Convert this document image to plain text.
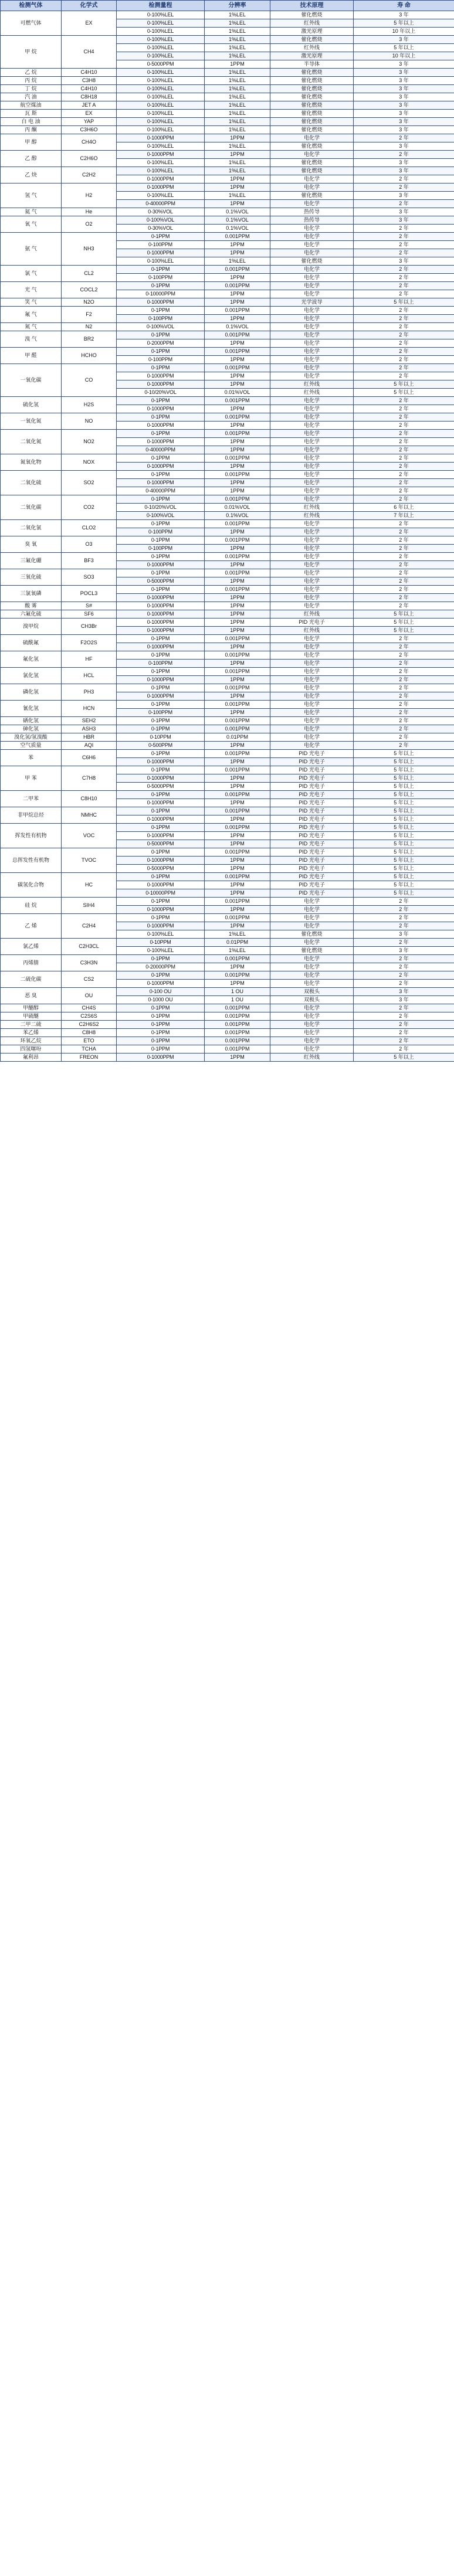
检测气体	化学式	检测量程	分辨率	技术原理	寿 命
可燃气体	EX	0-100%LEL	1%LEL	催化燃烧	3 年
		0-100%LEL	1%LEL	红外线	5 年以上
		0-100%LEL	1%LEL	激光原理	10 年以上
甲 烷	CH4	0-100%LEL	1%LEL	催化燃烧	3 年
		0-100%LEL	1%LEL	红外线	5 年以上
		0-100%LEL	1%LEL	激光原理	10 年以上
		0-5000PPM	1PPM	半导体	3 年
乙 烷	C4H10	0-100%LEL	1%LEL	催化燃烧	3 年
丙 烷	C3H8	0-100%LEL	1%LEL	催化燃烧	3 年
丁 烷	C4H10	0-100%LEL	1%LEL	催化燃烧	3 年
汽 油	C8H18	0-100%LEL	1%LEL	催化燃烧	3 年
航空煤油	JET A	0-100%LEL	1%LEL	催化燃烧	3 年
瓦 斯	EX	0-100%LEL	1%LEL	催化燃烧	3 年
白 电 油	YAP	0-100%LEL	1%LEL	催化燃烧	3 年
丙 酮	C3H6O	0-100%LEL	1%LEL	催化燃烧	3 年
甲 醇	CH4O	0-1000PPM	1PPM	电化学	2 年
		0-100%LEL	1%LEL	催化燃烧	3 年
乙 醇	C2H6O	0-1000PPM	1PPM	电化学	2 年
		0-100%LEL	1%LEL	催化燃烧	3 年
乙 炔	C2H2	0-100%LEL	1%LEL	催化燃烧	3 年
		0-1000PPM	1PPM	电化学	2 年
氢 气	H2	0-1000PPM	1PPM	电化学	2 年
		0-100%LEL	1%LEL	催化燃烧	3 年
		0-40000PPM	1PPM	电化学	2 年
氦 气	He	0-30%VOL	0.1%VOL	热传导	3 年
氧 气	O2	0-100%VOL	0.1%VOL	热传导	3 年
		0-30%VOL	0.1%VOL	电化学	2 年
氨 气	NH3	0-1PPM	0.001PPM	电化学	2 年
		0-100PPM	1PPM	电化学	2 年
		0-1000PPM	1PPM	电化学	2 年
		0-100%LEL	1%LEL	催化燃烧	3 年
氯 气	CL2	0-1PPM	0.001PPM	电化学	2 年
		0-100PPM	1PPM	电化学	2 年
光 气	COCL2	0-1PPM	0.001PPM	电化学	2 年
		0-10000PPM	1PPM	电化学	2 年
笑 气	N2O	0-1000PPM	1PPM	光学波导	5 年以上
氟 气	F2	0-1PPM	0.001PPM	电化学	2 年
		0-100PPM	1PPM	电化学	2 年
氮 气	N2	0-100%VOL	0.1%VOL	电化学	2 年
溴 气	BR2	0-1PPM	0.001PPM	电化学	2 年
		0-2000PPM	1PPM	电化学	2 年
甲 醛	HCHO	0-1PPM	0.001PPM	电化学	2 年
		0-100PPM	1PPM	电化学	2 年
一氧化碳	CO	0-1PPM	0.001PPM	电化学	2 年
		0-1000PPM	1PPM	电化学	2 年
		0-1000PPM	1PPM	红外线	5 年以上
		0-10/20%VOL	0.01%VOL	红外线	5 年以上
硫化氢	H2S	0-1PPM	0.001PPM	电化学	2 年
		0-1000PPM	1PPM	电化学	2 年
一氧化氮	NO	0-1PPM	0.001PPM	电化学	2 年
		0-1000PPM	1PPM	电化学	2 年
二氧化氮	NO2	0-1PPM	0.001PPM	电化学	2 年
		0-1000PPM	1PPM	电化学	2 年
		0-40000PPM	1PPM	电化学	2 年
氮氧化物	NOX	0-1PPM	0.001PPM	电化学	2 年
		0-1000PPM	1PPM	电化学	2 年
二氧化硫	SO2	0-1PPM	0.001PPM	电化学	2 年
		0-1000PPM	1PPM	电化学	2 年
		0-40000PPM	1PPM	电化学	2 年
二氧化碳	CO2	0-1PPM	0.001PPM	电化学	2 年
		0-10/20%VOL	0.01%VOL	红外线	6 年以上
		0-100%VOL	0.1%VOL	红外线	7 年以上
二氧化氯	CLO2	0-1PPM	0.001PPM	电化学	2 年
		0-100PPM	1PPM	电化学	2 年
臭 氧	O3	0-1PPM	0.001PPM	电化学	2 年
		0-100PPM	1PPM	电化学	2 年
三氟化硼	BF3	0-1PPM	0.001PPM	电化学	2 年
		0-1000PPM	1PPM	电化学	2 年
三氧化硫	SO3	0-1PPM	0.001PPM	电化学	2 年
		0-5000PPM	1PPM	电化学	2 年
三氯氧磷	POCL3	0-1PPM	0.001PPM	电化学	2 年
		0-1000PPM	1PPM	电化学	2 年
酸 雾	S#	0-1000PPM	1PPM	电化学	2 年
六氟化硫	SF6	0-1000PPM	1PPM	红外线	5 年以上
溴甲烷	CH3Br	0-1000PPM	1PPM	PID 光电子	5 年以上
		0-1000PPM	1PPM	红外线	5 年以上
硫酰氟	F2O2S	0-1PPM	0.001PPM	电化学	2 年
		0-1000PPM	1PPM	电化学	2 年
氟化氢	HF	0-1PPM	0.001PPM	电化学	2 年
		0-100PPM	1PPM	电化学	2 年
氯化氢	HCL	0-1PPM	0.001PPM	电化学	2 年
		0-1000PPM	1PPM	电化学	2 年
磷化氢	PH3	0-1PPM	0.001PPM	电化学	2 年
		0-1000PPM	1PPM	电化学	2 年
氰化氢	HCN	0-1PPM	0.001PPM	电化学	2 年
		0-100PPM	1PPM	电化学	2 年
硒化氢	SEH2	0-1PPM	0.001PPM	电化学	2 年
砷化氢	ASH3	0-1PPM	0.001PPM	电化学	2 年
溴化氢/氢溴酸	HBR	0-10PPM	0.01PPM	电化学	2 年
空气质量	AQI	0-500PPM	1PPM	电化学	2 年
苯	C6H6	0-1PPM	0.001PPM	PID 光电子	5 年以上
		0-1000PPM	1PPM	PID 光电子	5 年以上
甲 苯	C7H8	0-1PPM	0.001PPM	PID 光电子	5 年以上
		0-1000PPM	1PPM	PID 光电子	5 年以上
		0-5000PPM	1PPM	PID 光电子	5 年以上
二甲苯	C8H10	0-1PPM	0.001PPM	PID 光电子	5 年以上
		0-1000PPM	1PPM	PID 光电子	5 年以上
非甲烷总烃	NMHC	0-1PPM	0.001PPM	PID 光电子	5 年以上
		0-1000PPM	1PPM	PID 光电子	5 年以上
挥发性有机物	VOC	0-1PPM	0.001PPM	PID 光电子	5 年以上
		0-1000PPM	1PPM	PID 光电子	5 年以上
		0-5000PPM	1PPM	PID 光电子	5 年以上
总挥发性有机物	TVOC	0-1PPM	0.001PPM	PID 光电子	5 年以上
		0-1000PPM	1PPM	PID 光电子	5 年以上
		0-5000PPM	1PPM	PID 光电子	5 年以上
碳氢化合物	HC	0-1PPM	0.001PPM	PID 光电子	5 年以上
		0-1000PPM	1PPM	PID 光电子	5 年以上
		0-10000PPM	1PPM	PID 光电子	5 年以上
硅 烷	SIH4	0-1PPM	0.001PPM	电化学	2 年
		0-1000PPM	1PPM	电化学	2 年
乙 烯	C2H4	0-1PPM	0.001PPM	电化学	2 年
		0-1000PPM	1PPM	电化学	2 年
		0-100%LEL	1%LEL	催化燃烧	3 年
氯乙烯	C2H3CL	0-10PPM	0.01PPM	电化学	2 年
		0-100%LEL	1%LEL	催化燃烧	3 年
丙烯腈	C3H3N	0-1PPM	0.001PPM	电化学	2 年
		0-20000PPM	1PPM	电化学	2 年
二硫化碳	CS2	0-1PPM	0.001PPM	电化学	2 年
		0-1000PPM	1PPM	电化学	2 年
恶 臭	OU	0-100 OU	1 OU	双极头	3 年
		0-1000 OU	1 OU	双极头	3 年
甲醚醇	CH4S	0-1PPM	0.001PPM	电化学	2 年
甲硫醚	C2S6S	0-1PPM	0.001PPM	电化学	2 年
二甲二硫	C2H6S2	0-1PPM	0.001PPM	电化学	2 年
苯乙烯	C8H8	0-1PPM	0.001PPM	电化学	2 年
环氧乙烷	ETO	0-1PPM	0.001PPM	电化学	2 年
四氢噻吩	TCHA	0-1PPM	0.001PPM	电化学	2 年
氟利昂	FREON	0-1000PPM	1PPM	红外线	5 年以上
